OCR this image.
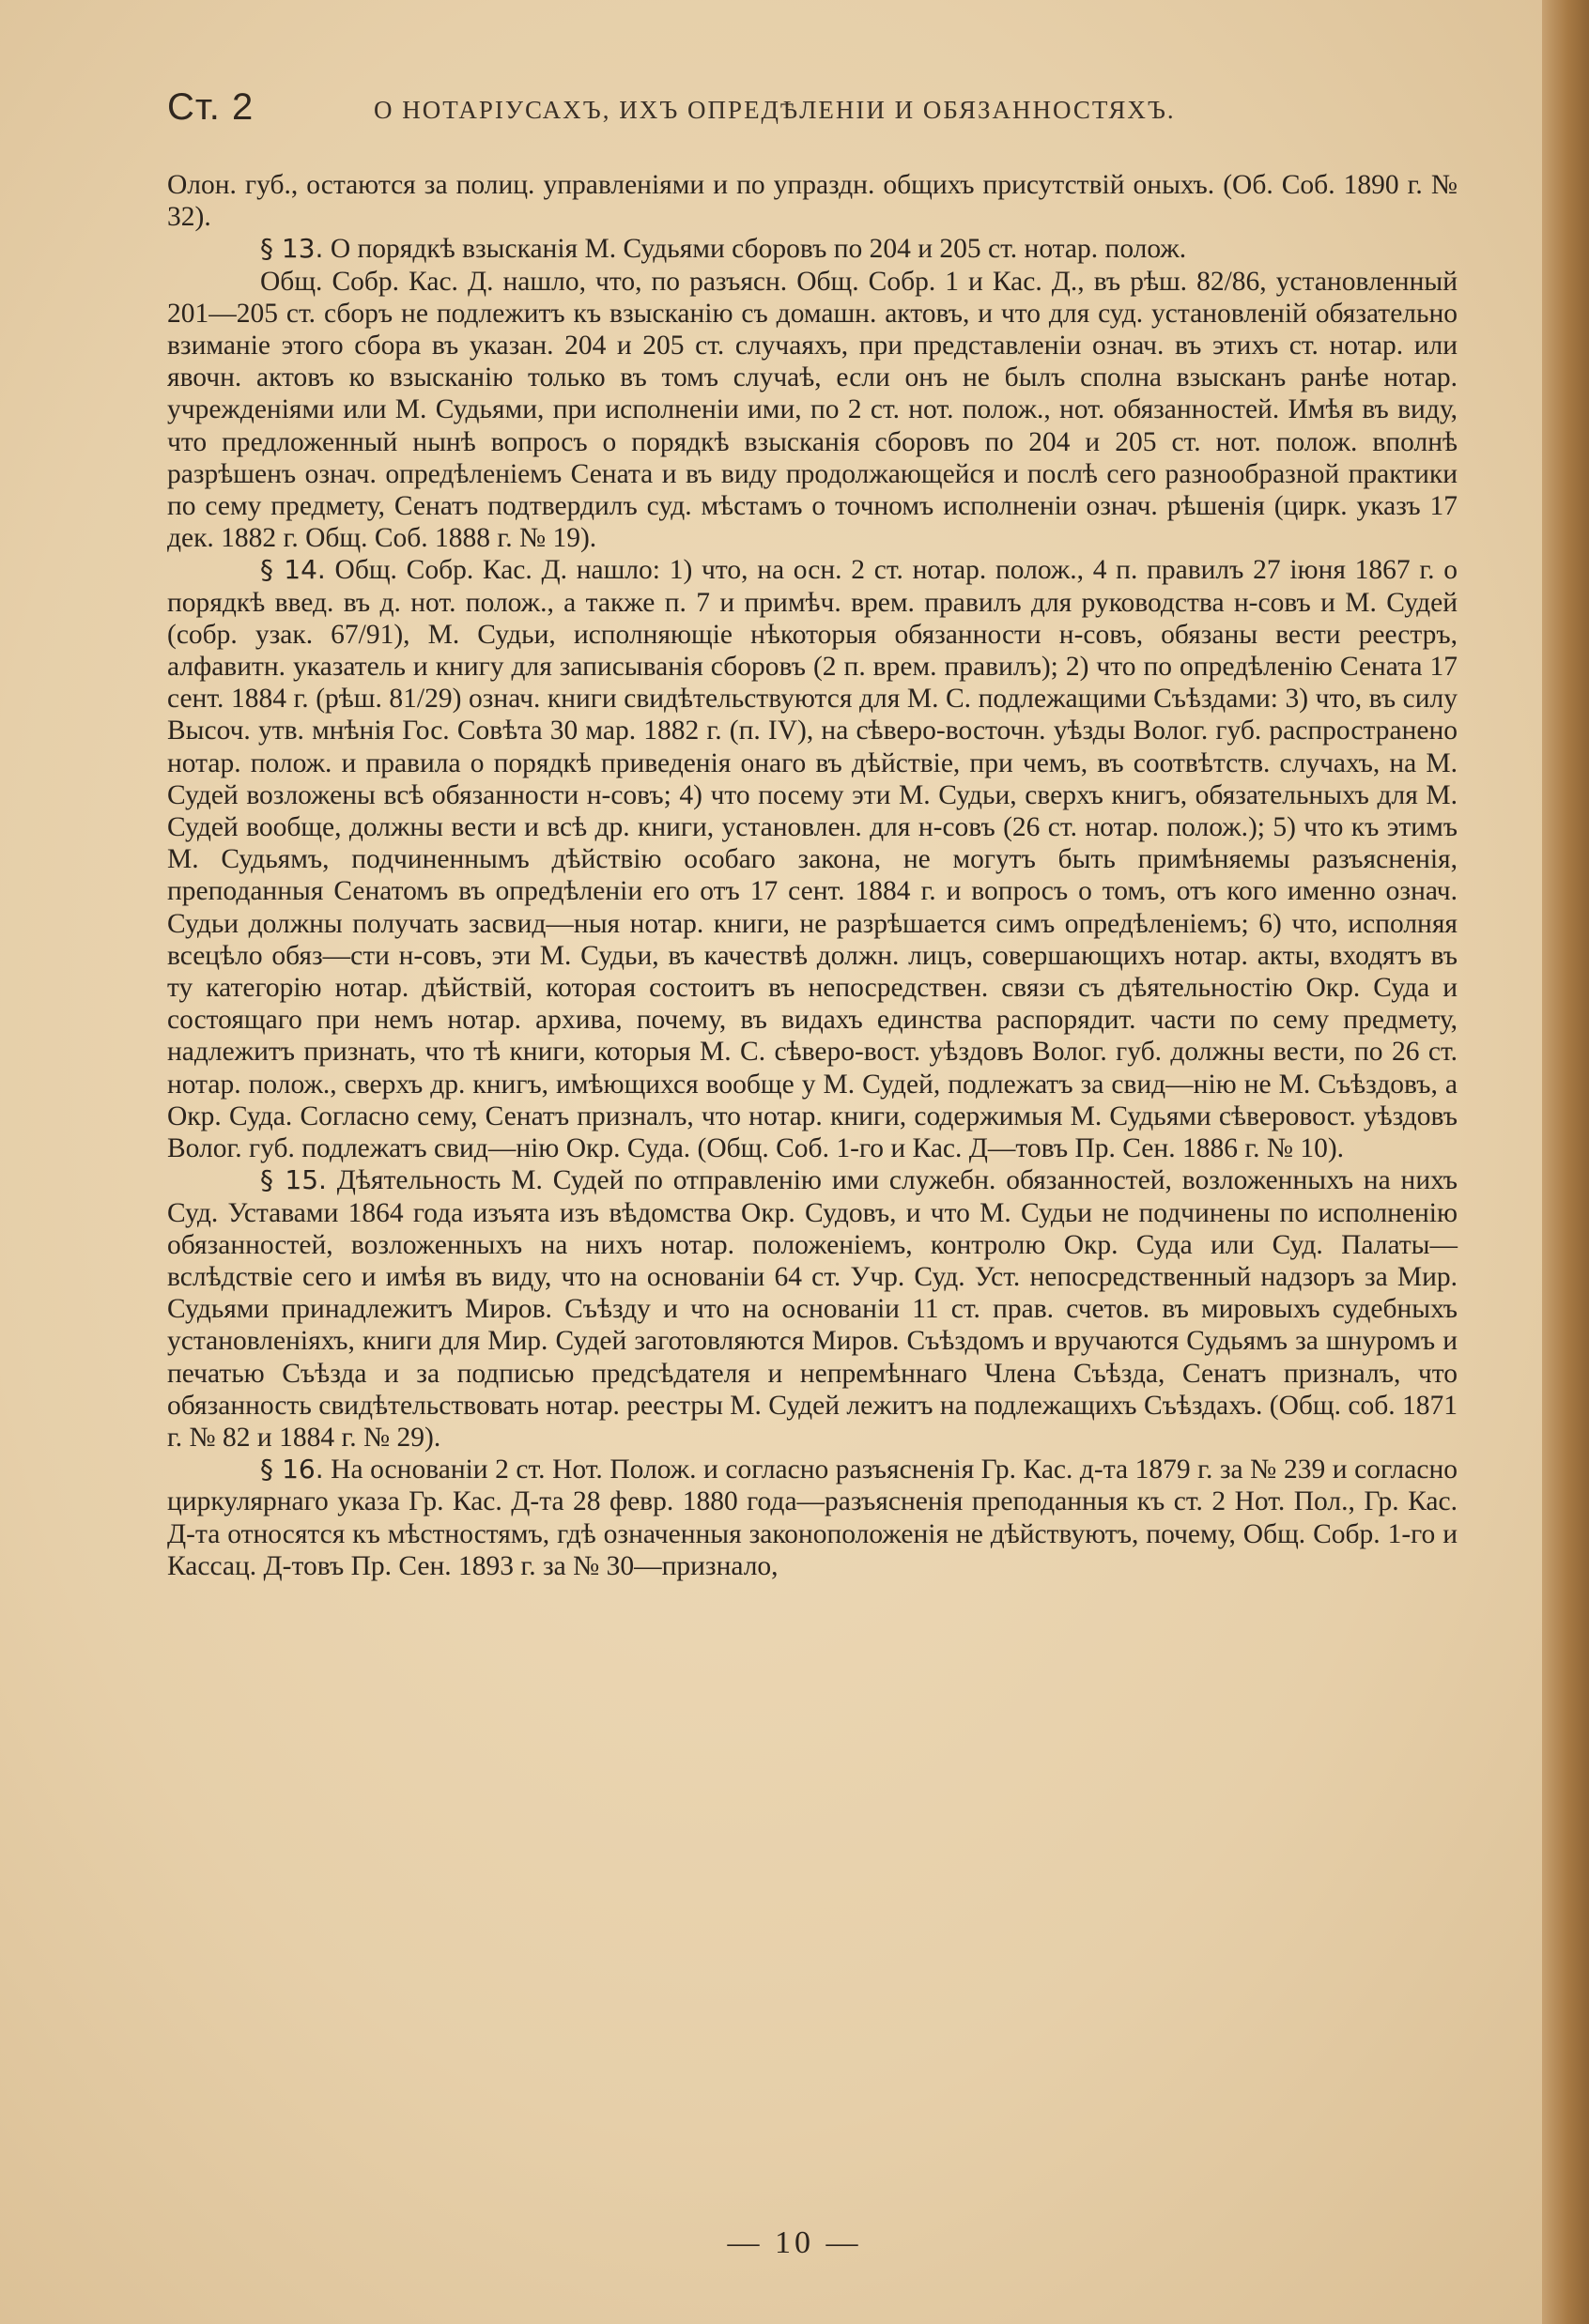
Ст. 2	О НОТАРІУСАХЪ, ИХЪ ОПРЕДѢЛЕНІИ И ОБЯЗАННОСТЯХЪ.

Олон. губ., остаются за полиц. управленіями и по упраздн. общихъ присутствій оныхъ. (Об. Соб. 1890 г. № 32).

§ 13. О порядкѣ взысканія М. Судьями сборовъ по 204 и 205 ст. нотар. полож.

Общ. Собр. Кас. Д. нашло, что, по разъясн. Общ. Собр. 1 и Кас. Д., въ рѣш. 82/86, установленный 201—205 ст. сборъ не подлежитъ къ взысканію съ домашн. актовъ, и что для суд. установленій обязательно взиманіе этого сбора въ указан. 204 и 205 ст. случаяхъ, при представленіи означ. въ этихъ ст. нотар. или явочн. актовъ ко взысканію только въ томъ случаѣ, если онъ не былъ сполна взысканъ ранѣе нотар. учрежденіями или М. Судьями, при исполненіи ими, по 2 ст. нот. полож., нот. обязанностей. Имѣя въ виду, что предложенный нынѣ вопросъ о порядкѣ взысканія сборовъ по 204 и 205 ст. нот. полож. вполнѣ разрѣшенъ означ. опредѣленіемъ Сената и въ виду продолжающейся и послѣ сего разнообразной практики по сему предмету, Сенатъ подтвердилъ суд. мѣстамъ о точномъ исполненіи означ. рѣшенія (цирк. указъ 17 дек. 1882 г. Общ. Соб. 1888 г. № 19).

§ 14. Общ. Собр. Кас. Д. нашло: 1) что, на осн. 2 ст. нотар. полож., 4 п. правилъ 27 іюня 1867 г. о порядкѣ введ. въ д. нот. полож., а также п. 7 и примѣч. врем. правилъ для руководства н-совъ и М. Судей (собр. узак. 67/91), М. Судьи, исполняющіе нѣкоторыя обязанности н-совъ, обязаны вести реестръ, алфавитн. указатель и книгу для записыванія сборовъ (2 п. врем. правилъ); 2) что по опредѣленію Сената 17 сент. 1884 г. (рѣш. 81/29) означ. книги свидѣтельствуются для М. С. подлежащими Съѣздами: 3) что, въ силу Высоч. утв. мнѣнія Гос. Совѣта 30 мар. 1882 г. (п. IV), на сѣверо-восточн. уѣзды Волог. губ. распространено нотар. полож. и правила о порядкѣ приведенія онаго въ дѣйствіе, при чемъ, въ соотвѣтств. случахъ, на М. Судей возложены всѣ обязанности н-совъ; 4) что посему эти М. Судьи, сверхъ книгъ, обязательныхъ для М. Судей вообще, должны вести и всѣ др. книги, установлен. для н-совъ (26 ст. нотар. полож.); 5) что къ этимъ М. Судьямъ, подчиненнымъ дѣйствію особаго закона, не могутъ быть примѣняемы разъясненія, преподанныя Сенатомъ въ опредѣленіи его отъ 17 сент. 1884 г. и вопросъ о томъ, отъ кого именно означ. Судьи должны получать засвид—ныя нотар. книги, не разрѣшается симъ опредѣленіемъ; 6) что, исполняя всецѣло обяз—сти н-совъ, эти М. Судьи, въ качествѣ должн. лицъ, совершающихъ нотар. акты, входятъ въ ту категорію нотар. дѣйствій, которая состоитъ въ непосредствен. связи съ дѣятельностію Окр. Суда и состоящаго при немъ нотар. архива, почему, въ видахъ единства распорядит. части по сему предмету, надлежитъ признать, что тѣ книги, которыя М. С. сѣверо-вост. уѣздовъ Волог. губ. должны вести, по 26 ст. нотар. полож., сверхъ др. книгъ, имѣющихся вообще у М. Судей, подлежатъ за свид—нію не М. Съѣздовъ, а Окр. Суда. Согласно сему, Сенатъ призналъ, что нотар. книги, содержимыя М. Судьями сѣверовост. уѣздовъ Волог. губ. подлежатъ свид—нію Окр. Суда. (Общ. Соб. 1-го и Кас. Д—товъ Пр. Сен. 1886 г. № 10).

§ 15. Дѣятельность М. Судей по отправленію ими служебн. обязанностей, возложенныхъ на нихъ Суд. Уставами 1864 года изъята изъ вѣдомства Окр. Судовъ, и что М. Судьи не подчинены по исполненію обязанностей, возложенныхъ на нихъ нотар. положеніемъ, контролю Окр. Суда или Суд. Палаты—вслѣдствіе сего и имѣя въ виду, что на основаніи 64 ст. Учр. Суд. Уст. непосредственный надзоръ за Мир. Судьями принадлежитъ Миров. Съѣзду и что на основаніи 11 ст. прав. счетов. въ мировыхъ судебныхъ установленіяхъ, книги для Мир. Судей заготовляются Миров. Съѣздомъ и вручаются Судьямъ за шнуромъ и печатью Съѣзда и за подписью предсѣдателя и непремѣннаго Члена Съѣзда, Сенатъ призналъ, что обязанность свидѣтельствовать нотар. реестры М. Судей лежитъ на подлежащихъ Съѣздахъ. (Общ. соб. 1871 г. № 82 и 1884 г. № 29).

§ 16. На основаніи 2 ст. Нот. Полож. и согласно разъясненія Гр. Кас. д-та 1879 г. за № 239 и согласно циркулярнаго указа Гр. Кас. Д-та 28 февр. 1880 года—разъясненія преподанныя къ ст. 2 Нот. Пол., Гр. Кас. Д-та относятся къ мѣстностямъ, гдѣ означенныя законоположенія не дѣйствуютъ, почему, Общ. Собр. 1-го и Кассац. Д-товъ Пр. Сен. 1893 г. за № 30—признало,

— 10 —
